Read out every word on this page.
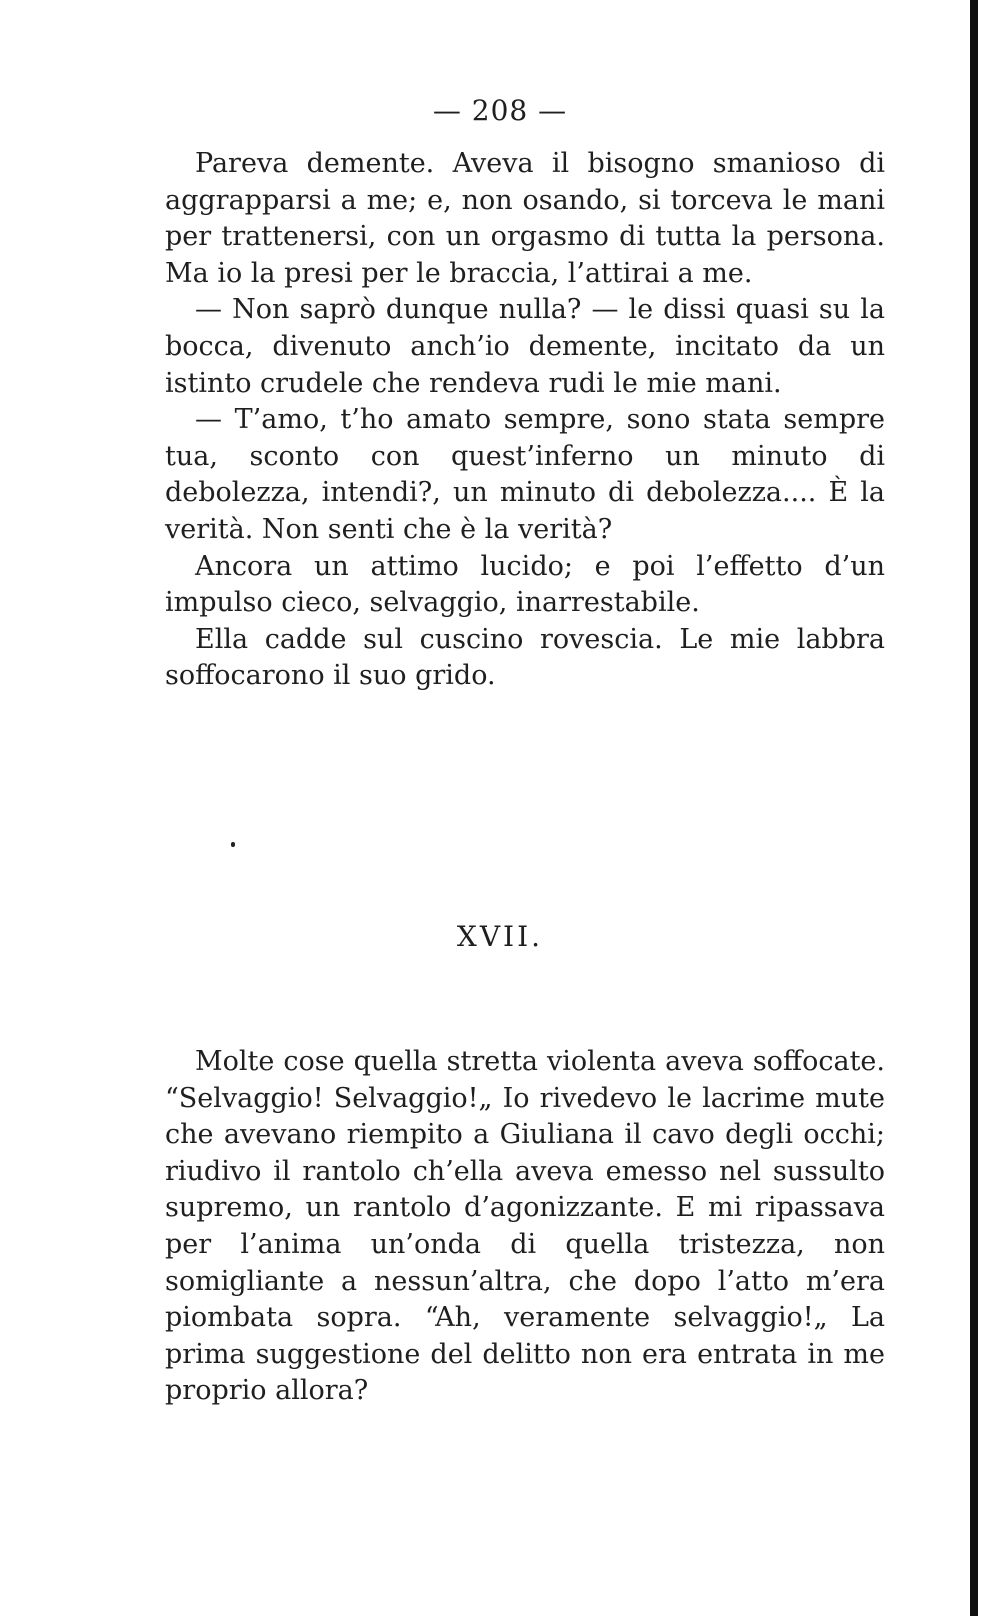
— 208 —

Pareva demente. Aveva il bisogno smanioso di aggrapparsi a me; e, non osando, si torceva le mani per trattenersi, con un orgasmo di tutta la persona. Ma io la presi per le braccia, l’attirai a me.

— Non saprò dunque nulla? — le dissi quasi su la bocca, divenuto anch’io demente, incitato da un istinto crudele che rendeva rudi le mie mani.

— T’amo, t’ho amato sempre, sono stata sempre tua, sconto con quest’inferno un minuto di debolezza, intendi?, un minuto di debolezza.... È la verità. Non senti che è la verità?

Ancora un attimo lucido; e poi l’effetto d’un impulso cieco, selvaggio, inarrestabile.

Ella cadde sul cuscino rovescia. Le mie labbra soffocarono il suo grido.

XVII.

Molte cose quella stretta violenta aveva soffocate. “Selvaggio! Selvaggio!„ Io rivedevo le lacrime mute che avevano riempito a Giuliana il cavo degli occhi; riudivo il rantolo ch’ella aveva emesso nel sussulto supremo, un rantolo d’agonizzante. E mi ripassava per l’anima un’onda di quella tristezza, non somigliante a nessun’altra, che dopo l’atto m’era piombata sopra. “Ah, veramente selvaggio!„ La prima suggestione del delitto non era entrata in me proprio allora?
